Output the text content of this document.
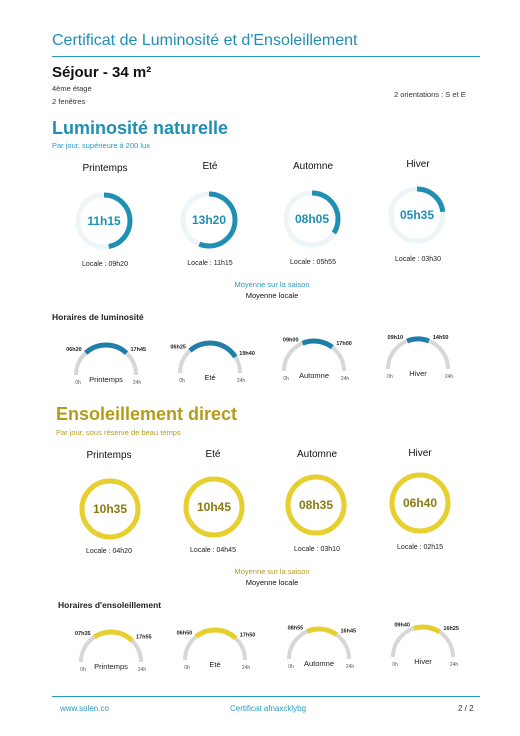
Certificat de Luminosité et d'Ensoleillement
Séjour - 34 m²
4ème étage
2 fenêtres
2 orientations : S et E
Luminosité naturelle
Par jour, supérieure à 200 lux
Printemps	Eté	Automne	Hiver
11h15	13h20	08h05	05h35
06h20	17h45
0h	24h
Printemps
06h25
19h40
0h	24h
Eté
09h00
17h00
0h	24h
Automne
09h10	14h50
0h	24h
Hiver
10h35	10h45	08h35	06h40
07h35
17h55
0h	24h
Printemps
06h50	17h50
0h	24h
Eté
08h55
16h45
0h	24h
Automne
09h40
16h25
0h	24h
Hiver
Locale : 09h20	Locale : 11h15	Locale : 05h55	Locale : 03h30
Moyenne sur la saison
Moyenne locale
Horaires de luminosité
Ensoleillement direct
Par jour, sous réserve de beau temps
Printemps	Eté	Automne	Hiver
Locale : 04h20	Locale : 04h45	Locale : 03h10	Locale : 02h15
Moyenne sur la saison
Moyenne locale
Horaires d'ensoleillement
www.solen.co	Certificat afnaxcklybg	2 / 2
